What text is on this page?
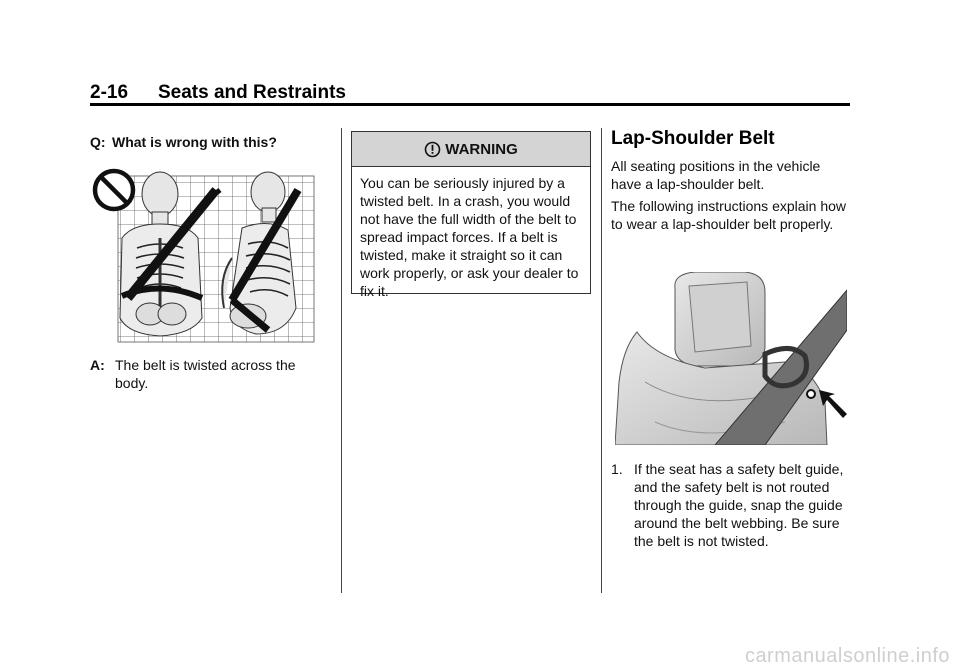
2-16 Seats and Restraints
Q: What is wrong with this?
A: The belt is twisted across the body.
WARNING
You can be seriously injured by a twisted belt. In a crash, you would not have the full width of the belt to spread impact forces. If a belt is twisted, make it straight so it can work properly, or ask your dealer to fix it.
Lap-Shoulder Belt
All seating positions in the vehicle have a lap-shoulder belt.
The following instructions explain how to wear a lap-shoulder belt properly.
1. If the seat has a safety belt guide, and the safety belt is not routed through the guide, snap the guide around the belt webbing. Be sure the belt is not twisted.
carmanualsonline.info
